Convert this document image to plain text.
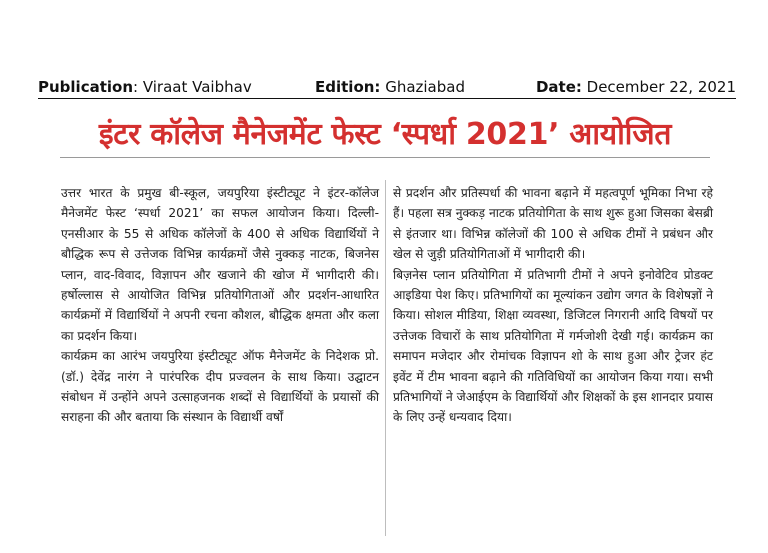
Publication: Viraat Vaibhav	Edition: Ghaziabad	Date: December 22, 2021
इंटर कॉलेज मैनेजमेंट फेस्ट ‘स्पर्धा 2021’ आयोजित

उत्तर भारत के प्रमुख बी-स्कूल, जयपुरिया इंस्टीट्यूट ने इंटर-कॉलेज मैनेजमेंट फेस्ट ‘स्पर्धा 2021’ का सफल आयोजन किया। दिल्ली-एनसीआर के 55 से अधिक कॉलेजों के 400 से अधिक विद्यार्थियों ने बौद्धिक रूप से उत्तेजक विभिन्न कार्यक्रमों जैसे नुक्कड़ नाटक, बिजनेस प्लान, वाद-विवाद, विज्ञापन और खजाने की खोज में भागीदारी की। हर्षोल्लास से आयोजित विभिन्न प्रतियोगिताओं और प्रदर्शन-आधारित कार्यक्रमों में विद्यार्थियों ने अपनी रचना कौशल, बौद्धिक क्षमता और कला का प्रदर्शन किया।

कार्यक्रम का आरंभ जयपुरिया इंस्टीट्यूट ऑफ मैनेजमेंट के निदेशक प्रो. (डॉ.) देवेंद्र नारंग ने पारंपरिक दीप प्रज्वलन के साथ किया। उद्घाटन संबोधन में उन्होंने अपने उत्साहजनक शब्दों से विद्यार्थियों के प्रयासों की सराहना की और बताया कि संस्थान के विद्यार्थी वर्षों

से प्रदर्शन और प्रतिस्पर्धा की भावना बढ़ाने में महत्वपूर्ण भूमिका निभा रहे हैं। पहला सत्र नुक्कड़ नाटक प्रतियोगिता के साथ शुरू हुआ जिसका बेसब्री से इंतजार था। विभिन्न कॉलेजों की 100 से अधिक टीमों ने प्रबंधन और खेल से जुड़ी प्रतियोगिताओं में भागीदारी की।

बिज़नेस प्लान प्रतियोगिता में प्रतिभागी टीमों ने अपने इनोवेटिव प्रोडक्ट आइडिया पेश किए। प्रतिभागियों का मूल्यांकन उद्योग जगत के विशेषज्ञों ने किया। सोशल मीडिया, शिक्षा व्यवस्था, डिजिटल निगरानी आदि विषयों पर उत्तेजक विचारों के साथ प्रतियोगिता में गर्मजोशी देखी गई। कार्यक्रम का समापन मजेदार और रोमांचक विज्ञापन शो के साथ हुआ और ट्रेजर हंट इवेंट में टीम भावना बढ़ाने की गतिविधियों का आयोजन किया गया। सभी प्रतिभागियों ने जेआईएम के विद्यार्थियों और शिक्षकों के इस शानदार प्रयास के लिए उन्हें धन्यवाद दिया।
